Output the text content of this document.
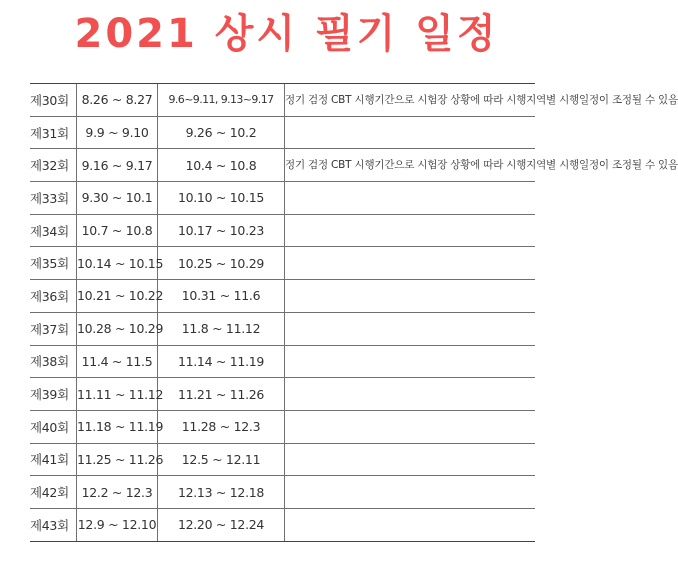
2021 상시 필기 일정
제30회	8.26 ~ 8.27	9.6~9.11, 9.13~9.17	정기 검정 CBT 시행기간으로 시험장 상황에 따라 시행지역별 시행일정이 조정될 수 있음
제31회	9.9 ~ 9.10	9.26 ~ 10.2	
제32회	9.16 ~ 9.17	10.4 ~ 10.8	정기 검정 CBT 시행기간으로 시험장 상황에 따라 시행지역별 시행일정이 조정될 수 있음
제33회	9.30 ~ 10.1	10.10 ~ 10.15	
제34회	10.7 ~ 10.8	10.17 ~ 10.23	
제35회	10.14 ~ 10.15	10.25 ~ 10.29	
제36회	10.21 ~ 10.22	10.31 ~ 11.6	
제37회	10.28 ~ 10.29	11.8 ~ 11.12	
제38회	11.4 ~ 11.5	11.14 ~ 11.19	
제39회	11.11 ~ 11.12	11.21 ~ 11.26	
제40회	11.18 ~ 11.19	11.28 ~ 12.3	
제41회	11.25 ~ 11.26	12.5 ~ 12.11	
제42회	12.2 ~ 12.3	12.13 ~ 12.18	
제43회	12.9 ~ 12.10	12.20 ~ 12.24	
